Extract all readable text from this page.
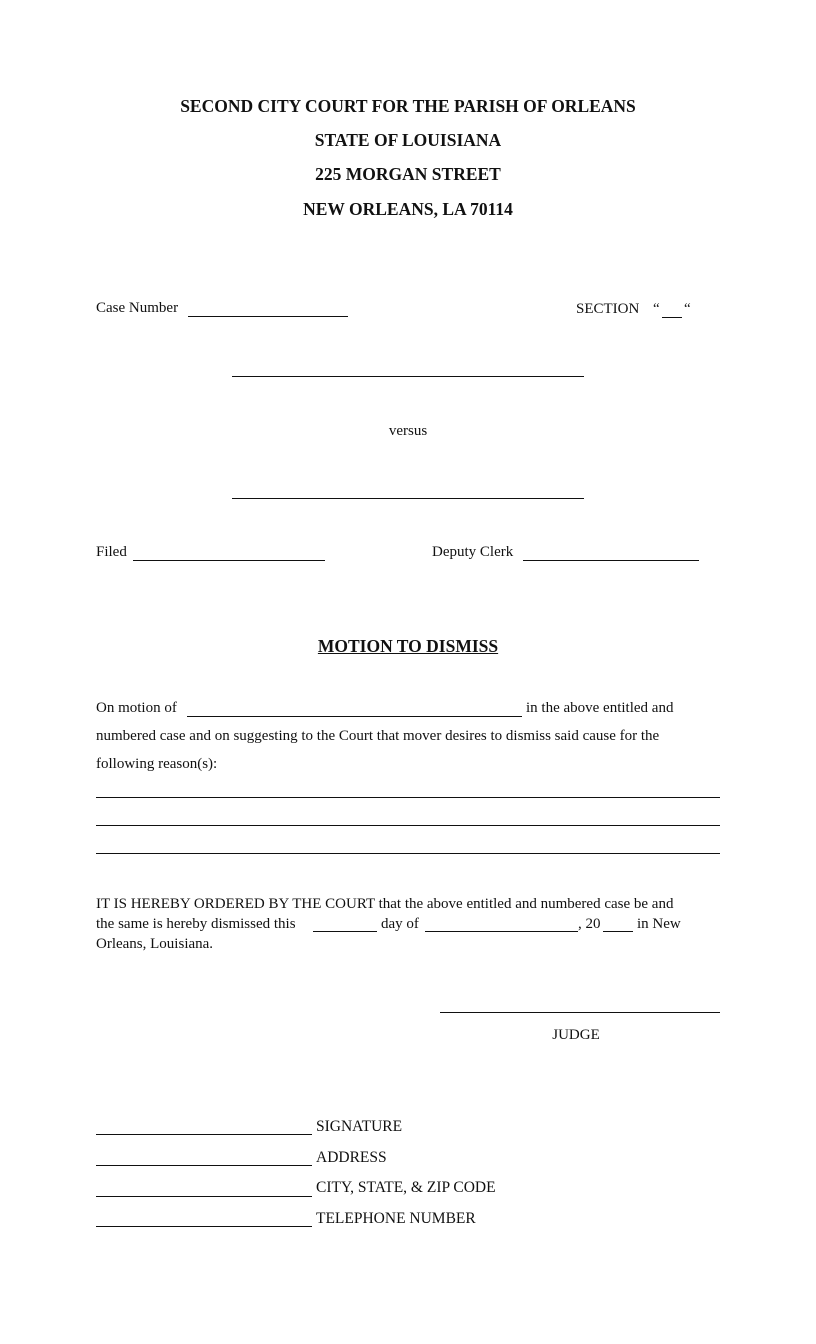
SECOND CITY COURT FOR THE PARISH OF ORLEANS
STATE OF LOUISIANA
225 MORGAN STREET
NEW ORLEANS, LA 70114
Case Number	SECTION “ “
versus
Filed	Deputy Clerk
MOTION TO DISMISS
On motion of	in the above entitled and
numbered case and on suggesting to the Court that mover desires to dismiss said cause for the
following reason(s):
IT IS HEREBY ORDERED BY THE COURT that the above entitled and numbered case be and
the same is hereby dismissed this	day of	, 20 in New
Orleans, Louisiana.
JUDGE
SIGNATURE
ADDRESS
CITY, STATE, & ZIP CODE
TELEPHONE NUMBER
